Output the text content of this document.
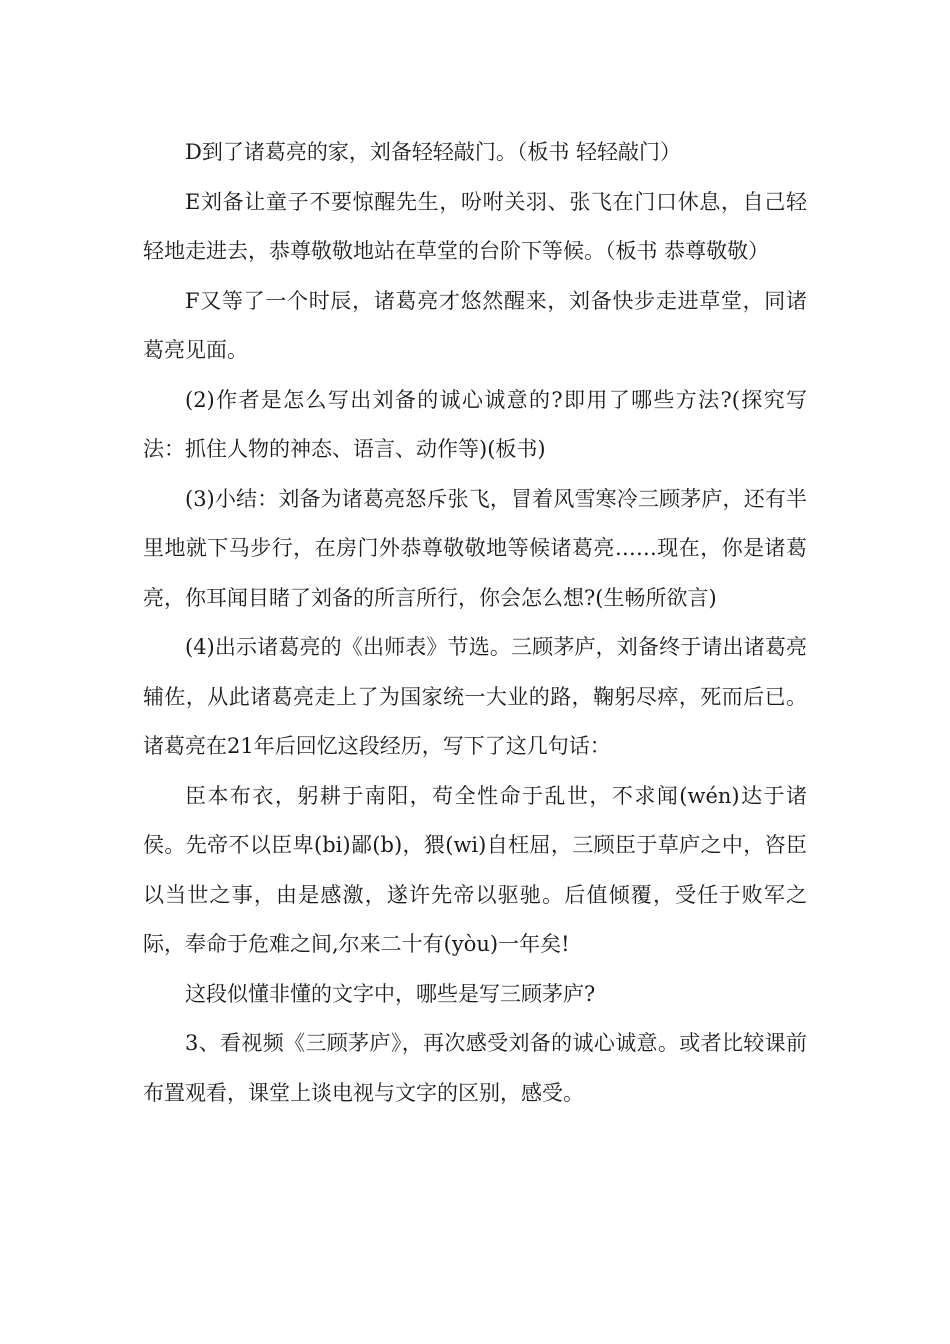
D到了诸葛亮的家，刘备轻轻敲门。（板书 轻轻敲门）

E刘备让童子不要惊醒先生，吩咐关羽、张飞在门口休息，自己轻轻地走进去，恭尊敬敬地站在草堂的台阶下等候。（板书 恭尊敬敬）

F又等了一个时辰，诸葛亮才悠然醒来，刘备快步走进草堂，同诸葛亮见面。

(2)作者是怎么写出刘备的诚心诚意的?即用了哪些方法?(探究写法：抓住人物的神态、语言、动作等)(板书)

(3)小结：刘备为诸葛亮怒斥张飞，冒着风雪寒冷三顾茅庐，还有半里地就下马步行，在房门外恭尊敬敬地等候诸葛亮……现在，你是诸葛亮，你耳闻目睹了刘备的所言所行，你会怎么想?(生畅所欲言)

(4)出示诸葛亮的《出师表》节选。三顾茅庐，刘备终于请出诸葛亮辅佐，从此诸葛亮走上了为国家统一大业的路，鞠躬尽瘁，死而后已。诸葛亮在21年后回忆这段经历，写下了这几句话：

臣本布衣，躬耕于南阳，苟全性命于乱世，不求闻(wén)达于诸侯。先帝不以臣卑(bi)鄙(b)，猥(wi)自枉屈，三顾臣于草庐之中，咨臣以当世之事，由是感激，遂许先帝以驱驰。后值倾覆，受任于败军之际，奉命于危难之间,尔来二十有(yòu)一年矣!

这段似懂非懂的文字中，哪些是写三顾茅庐?

3、看视频《三顾茅庐》，再次感受刘备的诚心诚意。或者比较课前布置观看，课堂上谈电视与文字的区别，感受。
